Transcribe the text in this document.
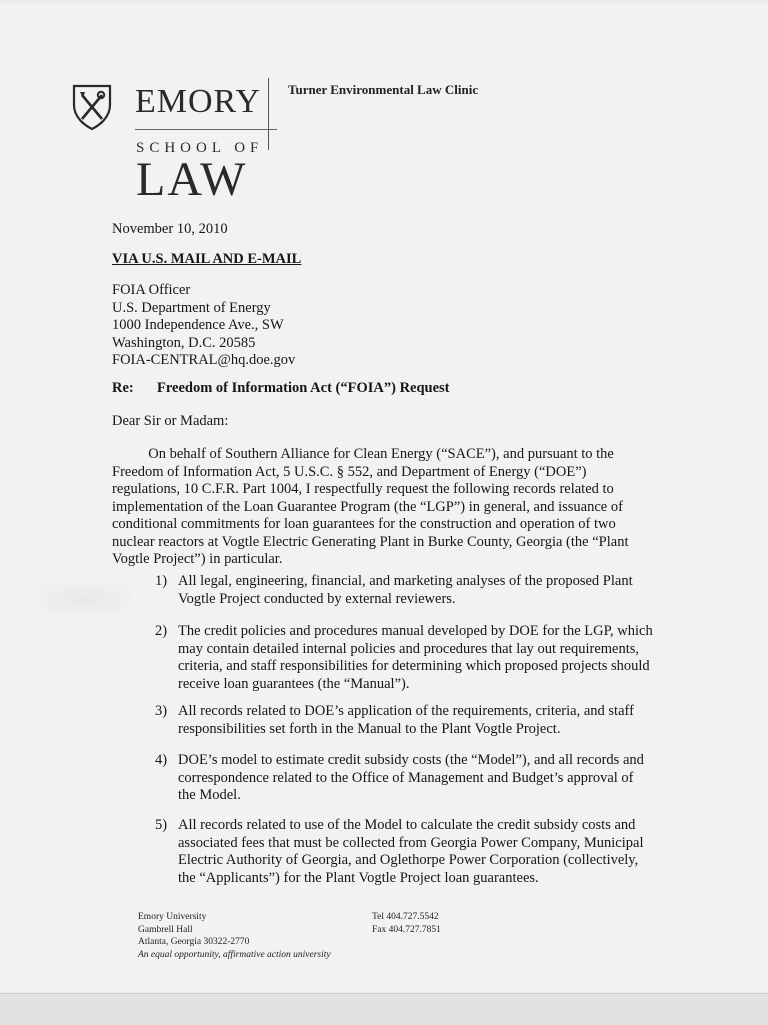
EMORY
SCHOOL OF
LAW
Turner Environmental Law Clinic
November 10, 2010
VIA U.S. MAIL AND E-MAIL
FOIA Officer
U.S. Department of Energy
1000 Independence Ave., SW
Washington, D.C. 20585
FOIA-CENTRAL@hq.doe.gov
Re: Freedom of Information Act (“FOIA”) Request
Dear Sir or Madam:
On behalf of Southern Alliance for Clean Energy (“SACE”), and pursuant to the
Freedom of Information Act, 5 U.S.C. § 552, and Department of Energy (“DOE”)
regulations, 10 C.F.R. Part 1004, I respectfully request the following records related to
implementation of the Loan Guarantee Program (the “LGP”) in general, and issuance of
conditional commitments for loan guarantees for the construction and operation of two
nuclear reactors at Vogtle Electric Generating Plant in Burke County, Georgia (the “Plant
Vogtle Project”) in particular.
1) All legal, engineering, financial, and marketing analyses of the proposed Plant
Vogtle Project conducted by external reviewers.
2) The credit policies and procedures manual developed by DOE for the LGP, which
may contain detailed internal policies and procedures that lay out requirements,
criteria, and staff responsibilities for determining which proposed projects should
receive loan guarantees (the “Manual”).
3) All records related to DOE’s application of the requirements, criteria, and staff
responsibilities set forth in the Manual to the Plant Vogtle Project.
4) DOE’s model to estimate credit subsidy costs (the “Model”), and all records and
correspondence related to the Office of Management and Budget’s approval of
the Model.
5) All records related to use of the Model to calculate the credit subsidy costs and
associated fees that must be collected from Georgia Power Company, Municipal
Electric Authority of Georgia, and Oglethorpe Power Corporation (collectively,
the “Applicants”) for the Plant Vogtle Project loan guarantees.
Emory University
Gambrell Hall
Atlanta, Georgia 30322-2770
An equal opportunity, affirmative action university
Tel 404.727.5542
Fax 404.727.7851
